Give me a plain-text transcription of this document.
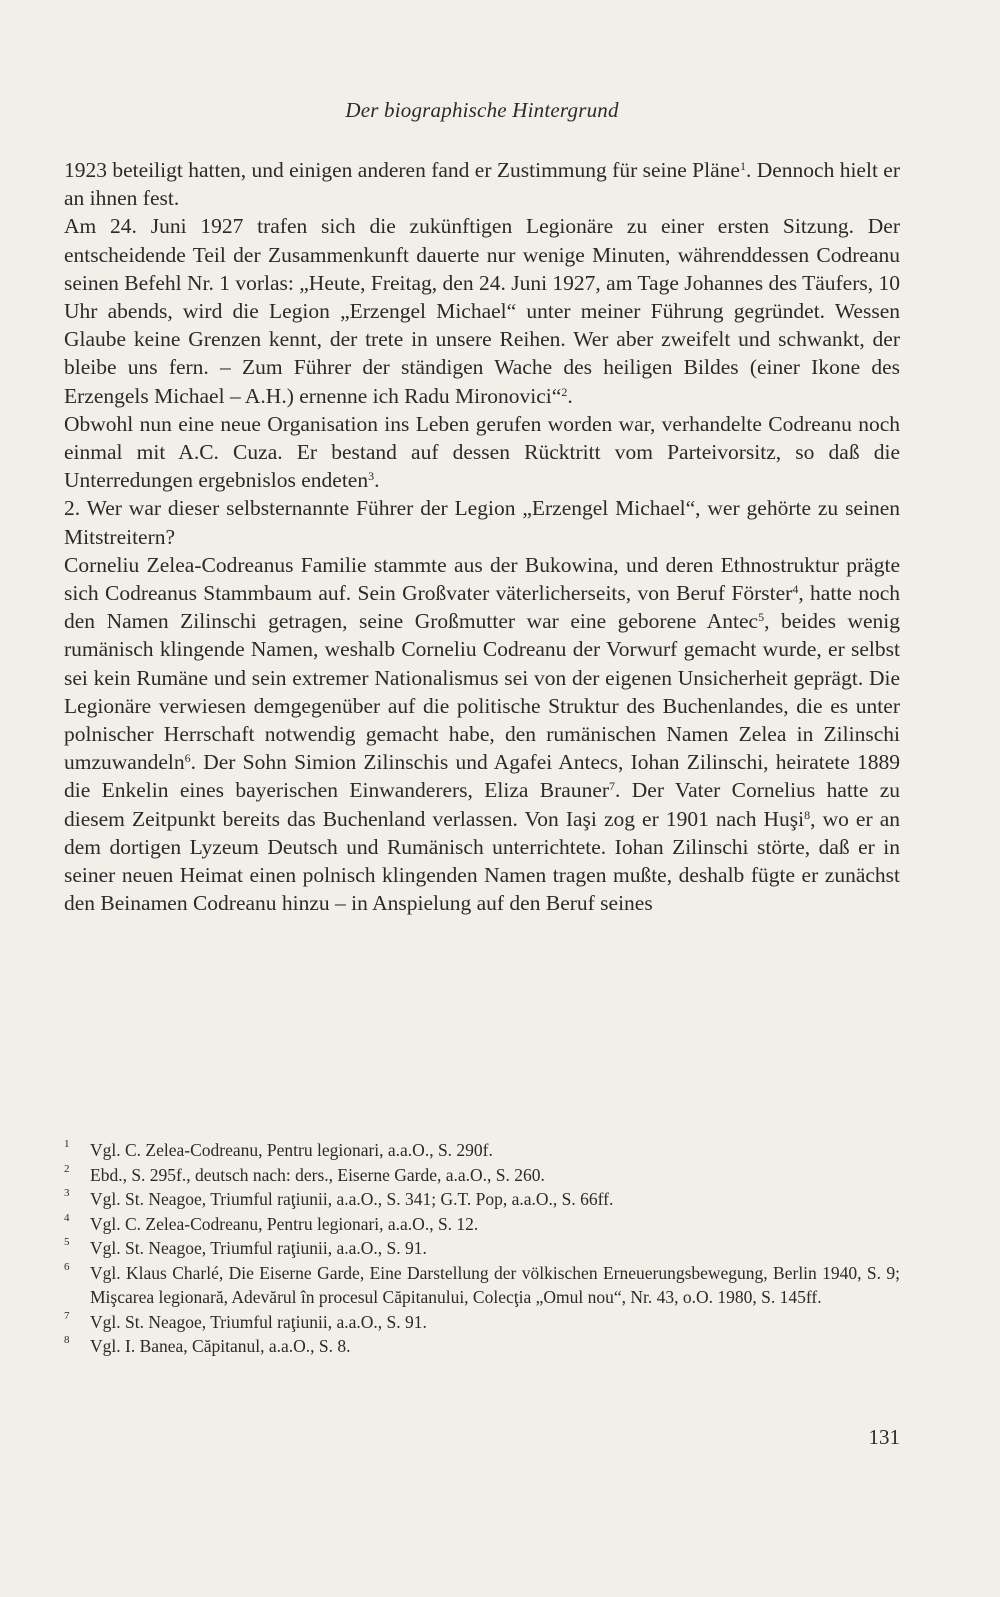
Der biographische Hintergrund

1923 beteiligt hatten, und einigen anderen fand er Zustimmung für seine Pläne$^1$. Dennoch hielt er an ihnen fest.

Am 24. Juni 1927 trafen sich die zukünftigen Legionäre zu einer ersten Sitzung. Der entscheidende Teil der Zusammenkunft dauerte nur wenige Minuten, währenddessen Codreanu seinen Befehl Nr. 1 vorlas: „Heute, Freitag, den 24. Juni 1927, am Tage Johannes des Täufers, 10 Uhr abends, wird die Legion „Erzengel Michael“ unter meiner Führung gegründet. Wessen Glaube keine Grenzen kennt, der trete in unsere Reihen. Wer aber zweifelt und schwankt, der bleibe uns fern. – Zum Führer der ständigen Wache des heiligen Bildes (einer Ikone des Erzengels Michael – A.H.) ernenne ich Radu Mironovici“$^2$.

Obwohl nun eine neue Organisation ins Leben gerufen worden war, verhandelte Codreanu noch einmal mit A.C. Cuza. Er bestand auf dessen Rücktritt vom Parteivorsitz, so daß die Unterredungen ergebnislos endeten$^3$.

2. Wer war dieser selbsternannte Führer der Legion „Erzengel Michael“, wer gehörte zu seinen Mitstreitern?

Corneliu Zelea-Codreanus Familie stammte aus der Bukowina, und deren Ethnostruktur prägte sich Codreanus Stammbaum auf. Sein Großvater väterlicherseits, von Beruf Förster$^4$, hatte noch den Namen Zilinschi getragen, seine Großmutter war eine geborene Antec$^5$, beides wenig rumänisch klingende Namen, weshalb Corneliu Codreanu der Vorwurf gemacht wurde, er selbst sei kein Rumäne und sein extremer Nationalismus sei von der eigenen Unsicherheit geprägt. Die Legionäre verwiesen demgegenüber auf die politische Struktur des Buchenlandes, die es unter polnischer Herrschaft notwendig gemacht habe, den rumänischen Namen Zelea in Zilinschi umzuwandeln$^6$. Der Sohn Simion Zilinschis und Agafei Antecs, Iohan Zilinschi, heiratete 1889 die Enkelin eines bayerischen Einwanderers, Eliza Brauner$^7$. Der Vater Cornelius hatte zu diesem Zeitpunkt bereits das Buchenland verlassen. Von Iaşi zog er 1901 nach Huşi$^8$, wo er an dem dortigen Lyzeum Deutsch und Rumänisch unterrichtete. Iohan Zilinschi störte, daß er in seiner neuen Heimat einen polnisch klingenden Namen tragen mußte, deshalb fügte er zunächst den Beinamen Codreanu hinzu – in Anspielung auf den Beruf seines

1 Vgl. C. Zelea-Codreanu, Pentru legionari, a.a.O., S. 290f.
2 Ebd., S. 295f., deutsch nach: ders., Eiserne Garde, a.a.O., S. 260.
3 Vgl. St. Neagoe, Triumful raţiunii, a.a.O., S. 341; G.T. Pop, a.a.O., S. 66ff.
4 Vgl. C. Zelea-Codreanu, Pentru legionari, a.a.O., S. 12.
5 Vgl. St. Neagoe, Triumful raţiunii, a.a.O., S. 91.
6 Vgl. Klaus Charlé, Die Eiserne Garde, Eine Darstellung der völkischen Erneuerungsbewegung, Berlin 1940, S. 9; Mişcarea legionară, Adevărul în procesul Căpitanului, Colecţia „Omul nou“, Nr. 43, o.O. 1980, S. 145ff.
7 Vgl. St. Neagoe, Triumful raţiunii, a.a.O., S. 91.
8 Vgl. I. Banea, Căpitanul, a.a.O., S. 8.
131
